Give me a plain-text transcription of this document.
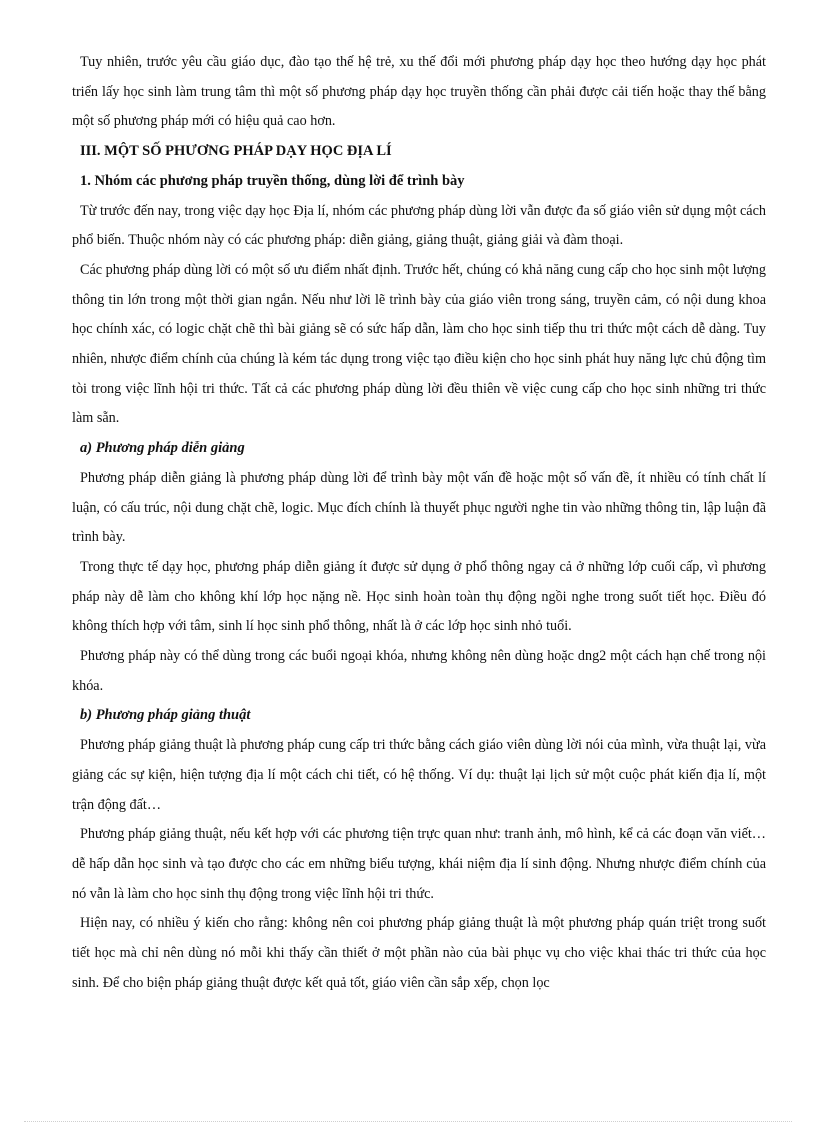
Tuy nhiên, trước yêu cầu giáo dục, đào tạo thế hệ trẻ, xu thế đổi mới phương pháp dạy học theo hướng dạy học phát triển lấy học sinh làm trung tâm thì một số phương pháp dạy học truyền thống cần phải được cải tiến hoặc thay thế bằng một số phương pháp mới có hiệu quả cao hơn.

III. MỘT SỐ PHƯƠNG PHÁP DẠY HỌC ĐỊA LÍ
1. Nhóm các phương pháp truyền thống, dùng lời để trình bày

Từ trước đến nay, trong việc dạy học Địa lí, nhóm các phương pháp dùng lời vẫn được đa số giáo viên sử dụng một cách phổ biến. Thuộc nhóm này có các phương pháp: diễn giảng, giảng thuật, giảng giải và đàm thoại.

Các phương pháp dùng lời có một số ưu điểm nhất định. Trước hết, chúng có khả năng cung cấp cho học sinh một lượng thông tin lớn trong một thời gian ngắn. Nếu như lời lẽ trình bày của giáo viên trong sáng, truyền cảm, có nội dung khoa học chính xác, có logic chặt chẽ thì bài giảng sẽ có sức hấp dẫn, làm cho học sinh tiếp thu tri thức một cách dễ dàng. Tuy nhiên, nhược điểm chính của chúng là kém tác dụng trong việc tạo điều kiện cho học sinh phát huy năng lực chủ động tìm tòi trong việc lĩnh hội tri thức. Tất cả các phương pháp dùng lời đều thiên về việc cung cấp cho học sinh những tri thức làm sẵn.

a) Phương pháp diễn giảng

Phương pháp diễn giảng là phương pháp dùng lời để trình bày một vấn đề hoặc một số vấn đề, ít nhiều có tính chất lí luận, có cấu trúc, nội dung chặt chẽ, logic. Mục đích chính là thuyết phục người nghe tin vào những thông tin, lập luận đã trình bày.

Trong thực tế dạy học, phương pháp diễn giảng ít được sử dụng ở phổ thông ngay cả ở những lớp cuối cấp, vì phương pháp này dễ làm cho không khí lớp học nặng nề. Học sinh hoàn toàn thụ động ngồi nghe trong suốt tiết học. Điều đó không thích hợp với tâm, sinh lí học sinh phổ thông, nhất là ở các lớp học sinh nhỏ tuổi.

Phương pháp này có thể dùng trong các buổi ngoại khóa, nhưng không nên dùng hoặc dng2 một cách hạn chế trong nội khóa.

b) Phương pháp giảng thuật

Phương pháp giảng thuật là phương pháp cung cấp tri thức bằng cách giáo viên dùng lời nói của mình, vừa thuật lại, vừa giảng các sự kiện, hiện tượng địa lí một cách chi tiết, có hệ thống. Ví dụ: thuật lại lịch sử một cuộc phát kiến địa lí, một trận động đất…

Phương pháp giảng thuật, nếu kết hợp với các phương tiện trực quan như: tranh ảnh, mô hình, kể cả các đoạn văn viết…dễ hấp dẫn học sinh và tạo được cho các em những biểu tượng, khái niệm địa lí sinh động. Nhưng nhược điểm chính của nó vẫn là làm cho học sinh thụ động trong việc lĩnh hội tri thức.

Hiện nay, có nhiều ý kiến cho rằng: không nên coi phương pháp giảng thuật là một phương pháp quán triệt trong suốt tiết học mà chỉ nên dùng nó mỗi khi thấy cần thiết ở một phần nào của bài phục vụ cho việc khai thác tri thức của học sinh. Để cho biện pháp giảng thuật được kết quả tốt, giáo viên cần sắp xếp, chọn lọc
